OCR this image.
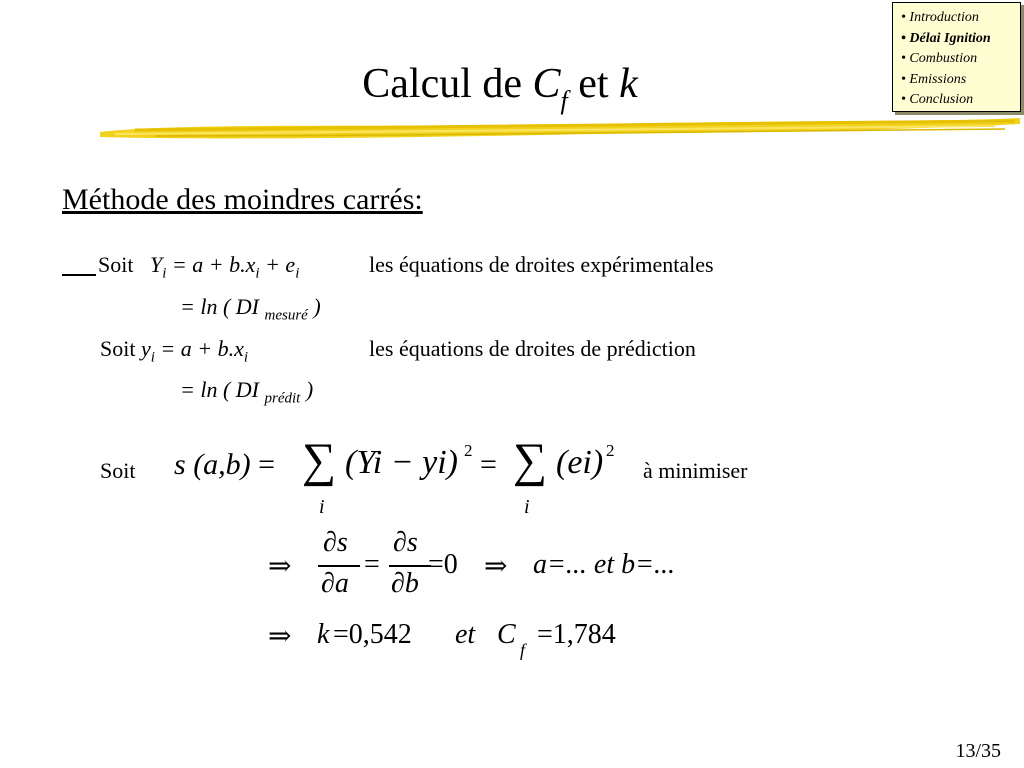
• Introduction
• Délai Ignition
• Combustion
• Emissions
• Conclusion
Calcul de $C_f$ et k
Méthode des moindres carrés:
Soit $Y_i = a + b.x_i + e_i$	les équations de droites expérimentales
= ln ( DI $_{mesuré}$ )
Soit $y_i = a + b.x_i$	les équations de droites de prédiction
= ln ( DI $_{prédit}$ )
Soit s (a,b) = ∑
i
(Yi − yi) 2 = ∑
i
(ei) 2
à minimiser
⇒
∂s
∂a
=
∂s
∂b
=0 ⇒ a=... et b=...
⇒ k =0,542 et C f =1,784
13/35
